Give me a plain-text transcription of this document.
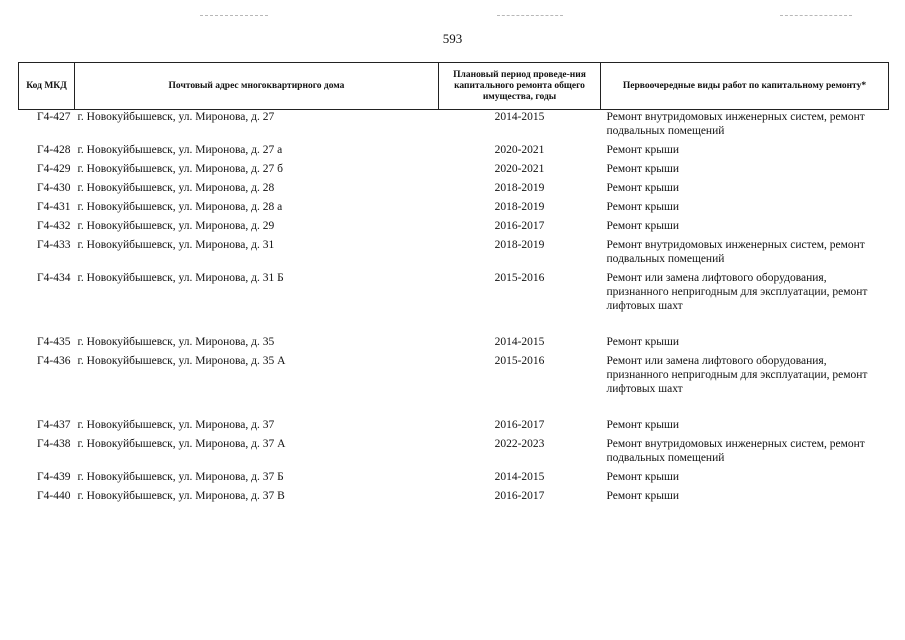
593
Код МКД	Почтовый адрес многоквартирного дома	Плановый период проведе-ния капитального ремонта общего имущества, годы	Первоочередные виды работ по капитальному ремонту*
Г4-427	г. Новокуйбышевск, ул. Миронова, д. 27	2014-2015	Ремонт внутридомовых инженерных систем, ремонт подвальных помещений
Г4-428	г. Новокуйбышевск, ул. Миронова, д. 27 а	2020-2021	Ремонт крыши
Г4-429	г. Новокуйбышевск, ул. Миронова, д. 27 б	2020-2021	Ремонт крыши
Г4-430	г. Новокуйбышевск, ул. Миронова, д. 28	2018-2019	Ремонт крыши
Г4-431	г. Новокуйбышевск, ул. Миронова, д. 28 а	2018-2019	Ремонт крыши
Г4-432	г. Новокуйбышевск, ул. Миронова, д. 29	2016-2017	Ремонт крыши
Г4-433	г. Новокуйбышевск, ул. Миронова, д. 31	2018-2019	Ремонт внутридомовых инженерных систем, ремонт подвальных помещений
Г4-434	г. Новокуйбышевск, ул. Миронова, д. 31 Б	2015-2016	Ремонт или замена лифтового оборудования, признанного непригодным для эксплуатации, ремонт лифтовых шахт
Г4-435	г. Новокуйбышевск, ул. Миронова, д. 35	2014-2015	Ремонт крыши
Г4-436	г. Новокуйбышевск, ул. Миронова, д. 35 А	2015-2016	Ремонт или замена лифтового оборудования, признанного непригодным для эксплуатации, ремонт лифтовых шахт
Г4-437	г. Новокуйбышевск, ул. Миронова, д. 37	2016-2017	Ремонт крыши
Г4-438	г. Новокуйбышевск, ул. Миронова, д. 37 А	2022-2023	Ремонт внутридомовых инженерных систем, ремонт подвальных помещений
Г4-439	г. Новокуйбышевск, ул. Миронова, д. 37 Б	2014-2015	Ремонт крыши
Г4-440	г. Новокуйбышевск, ул. Миронова, д. 37 В	2016-2017	Ремонт крыши
